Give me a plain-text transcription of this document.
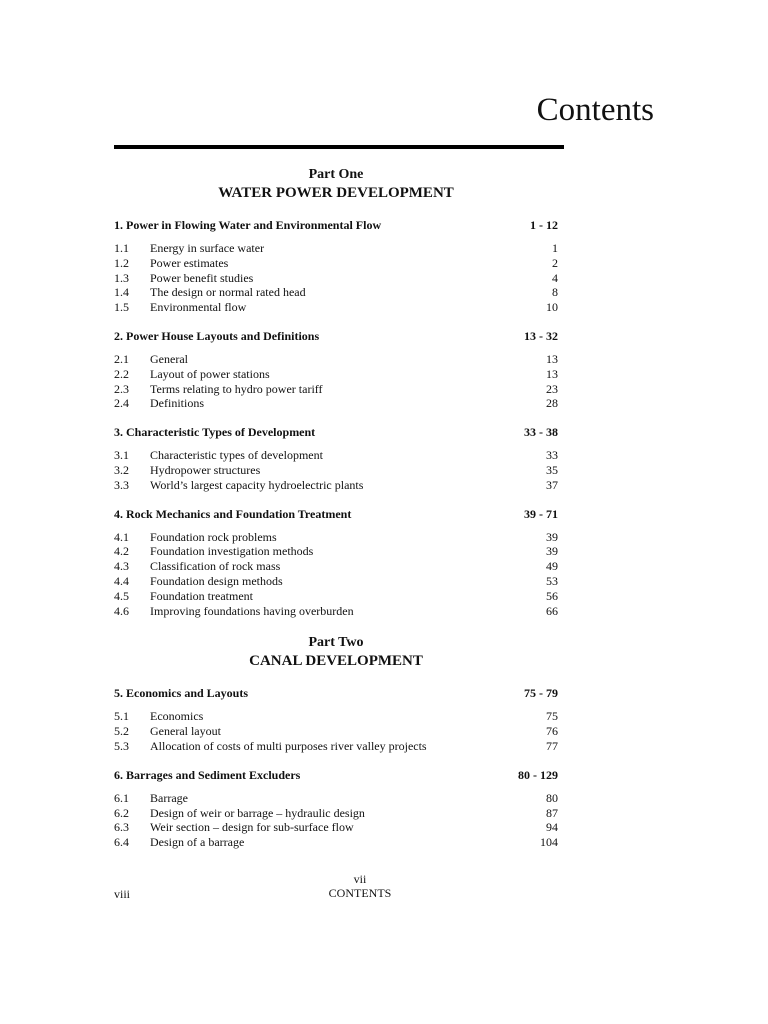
Contents
Part One
WATER POWER DEVELOPMENT
1. Power in Flowing Water and Environmental Flow	1 - 12
1.1	Energy in surface water	1
1.2	Power estimates	2
1.3	Power benefit studies	4
1.4	The design or normal rated head	8
1.5	Environmental flow	10
2. Power House Layouts and Definitions	13 - 32
2.1	General	13
2.2	Layout of power stations	13
2.3	Terms relating to hydro power tariff	23
2.4	Definitions	28
3. Characteristic Types of Development	33 - 38
3.1	Characteristic types of development	33
3.2	Hydropower structures	35
3.3	World’s largest capacity hydroelectric plants	37
4. Rock Mechanics and Foundation Treatment	39 - 71
4.1	Foundation rock problems	39
4.2	Foundation investigation methods	39
4.3	Classification of rock mass	49
4.4	Foundation design methods	53
4.5	Foundation treatment	56
4.6	Improving foundations having overburden	66
Part Two
CANAL DEVELOPMENT
5. Economics and Layouts	75 - 79
5.1	Economics	75
5.2	General layout	76
5.3	Allocation of costs of multi purposes river valley projects	77
6. Barrages and Sediment Excluders	80 - 129
6.1	Barrage	80
6.2	Design of weir or barrage – hydraulic design	87
6.3	Weir section – design for sub-surface flow	94
6.4	Design of a barrage	104
vii
CONTENTS
viii
